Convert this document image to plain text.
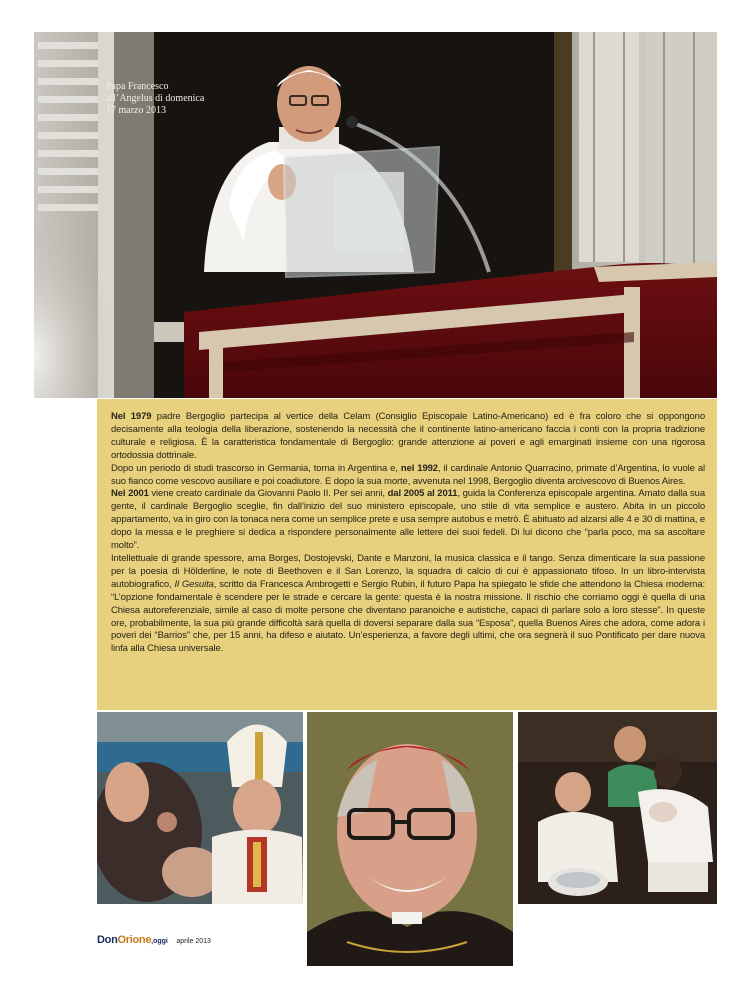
Papa Francesco
all’Angelus di domenica
17 marzo 2013

Nel 1979 padre Bergoglio partecipa al vertice della Celam (Consiglio Episcopale Latino-Americano) ed è fra coloro che si oppongono decisamente alla teologia della liberazione, sostenendo la necessità che il continente latino-americano faccia i conti con la propria tradizione culturale e religiosa. È la caratteristica fondamentale di Bergoglio: grande attenzione ai poveri e agli emarginati insieme con una rigorosa ortodossia dottrinale.

Dopo un periodo di studi trascorso in Germania, torna in Argentina e, nel 1992, il cardinale Antonio Quarracino, primate d’Argentina, lo vuole al suo fianco come vescovo ausiliare e poi coadiutore. E dopo la sua morte, avvenuta nel 1998, Bergoglio diventa arcivescovo di Buenos Aires.

Nel 2001 viene creato cardinale da Giovanni Paolo II. Per sei anni, dal 2005 al 2011, guida la Conferenza episcopale argentina. Amato dalla sua gente, il cardinale Bergoglio sceglie, fin dall’inizio del suo ministero episcopale, uno stile di vita semplice e austero. Abita in un piccolo appartamento, va in giro con la tonaca nera come un semplice prete e usa sempre autobus e metrò. È abituato ad alzarsi alle 4 e 30 di mattina, e dopo la messa e le preghiere si dedica a rispondere personalmente alle lettere dei suoi fedeli. Di lui dicono che “parla poco, ma sa ascoltare molto”.

Intellettuale di grande spessore, ama Borges, Dostojevski, Dante e Manzoni, la musica classica e il tango. Senza dimenticare la sua passione per la poesia di Hölderline, le note di Beethoven e il San Lorenzo, la squadra di calcio di cui è appassionato tifoso. In un libro-intervista autobiografico, Il Gesuita, scritto da Francesca Ambrogetti e Sergio Rubin, il futuro Papa ha spiegato le sfide che attendono la Chiesa moderna: “L’opzione fondamentale è scendere per le strade e cercare la gente: questa è la nostra missione. Il rischio che corriamo oggi è quella di una Chiesa autoreferenziale, simile al caso di molte persone che diventano paranoiche e autistiche, capaci di parlare solo a loro stesse”. In queste ore, probabilmente, la sua più grande difficoltà sarà quella di doversi separare dalla sua “Esposa”, quella Buenos Aires che adora, come adora i poveri dei “Barrios” che, per 15 anni, ha difeso e aiutato. Un’esperienza, a favore degli ultimi, che ora segnerà il suo Pontificato per dare nuova linfa alla Chiesa universale.

DonOrione,oggi aprile 2013
